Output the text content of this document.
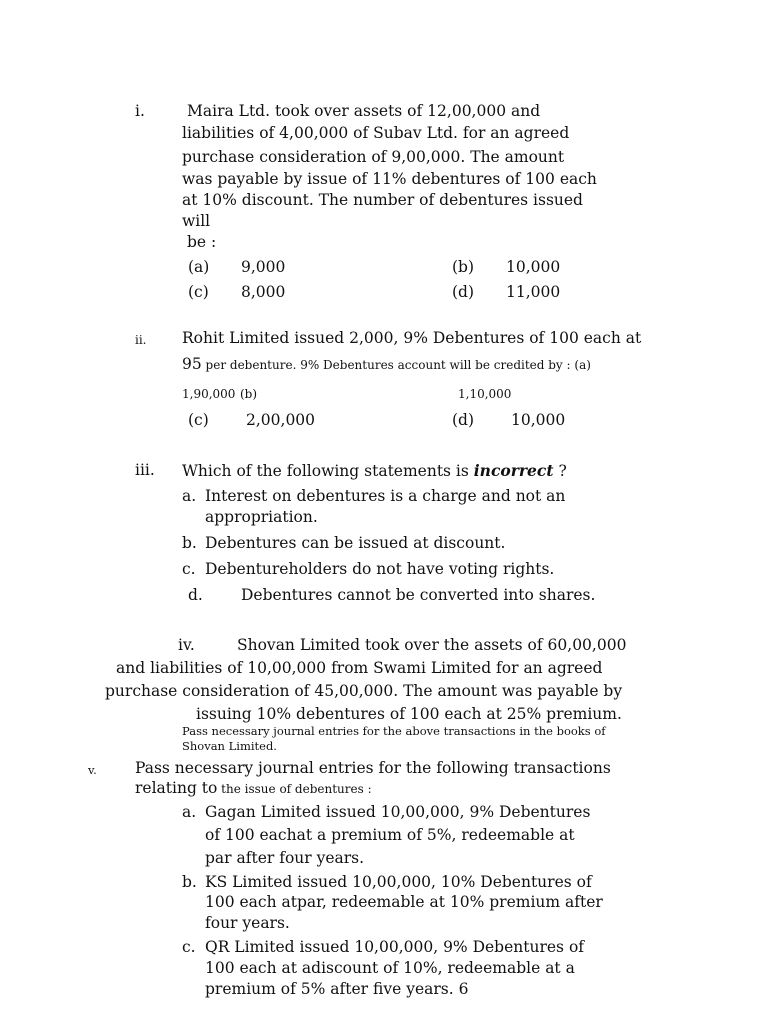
i.	Maira Ltd. took over assets of 12,00,000 and
liabilities of 4,00,000 of Subav Ltd. for an agreed
purchase consideration of 9,00,000. The amount
was payable by issue of 11% debentures of 100 each
at 10% discount. The number of debentures issued
will
be :
(a) 9,000	(b) 10,000
(c) 8,000	(d) 11,000
ii. Rohit Limited issued 2,000, 9% Debentures of 100 each at
95 per debenture. 9% Debentures account will be credited by : (a)
1,90,000 (b)	1,10,000
(c) 2,00,000	(d) 10,000
iii. Which of the following statements is incorrect ?
a. Interest on debentures is a charge and not an
appropriation.
b. Debentures can be issued at discount.
c. Debentureholders do not have voting rights.
d. Debentures cannot be converted into shares.
iv.	Shovan Limited took over the assets of 60,00,000
and liabilities of 10,00,000 from Swami Limited for an agreed
purchase consideration of 45,00,000. The amount was payable by
issuing 10% debentures of 100 each at 25% premium.
Pass necessary journal entries for the above transactions in the books of
Shovan Limited.
v. Pass necessary journal entries for the following transactions
relating to the issue of debentures :
a. Gagan Limited issued 10,00,000, 9% Debentures
of 100 eachat a premium of 5%, redeemable at
par after four years.
b. KS Limited issued 10,00,000, 10% Debentures of
100 each atpar, redeemable at 10% premium after
four years.
c. QR Limited issued 10,00,000, 9% Debentures of
100 each at adiscount of 10%, redeemable at a
premium of 5% after five years. 6
